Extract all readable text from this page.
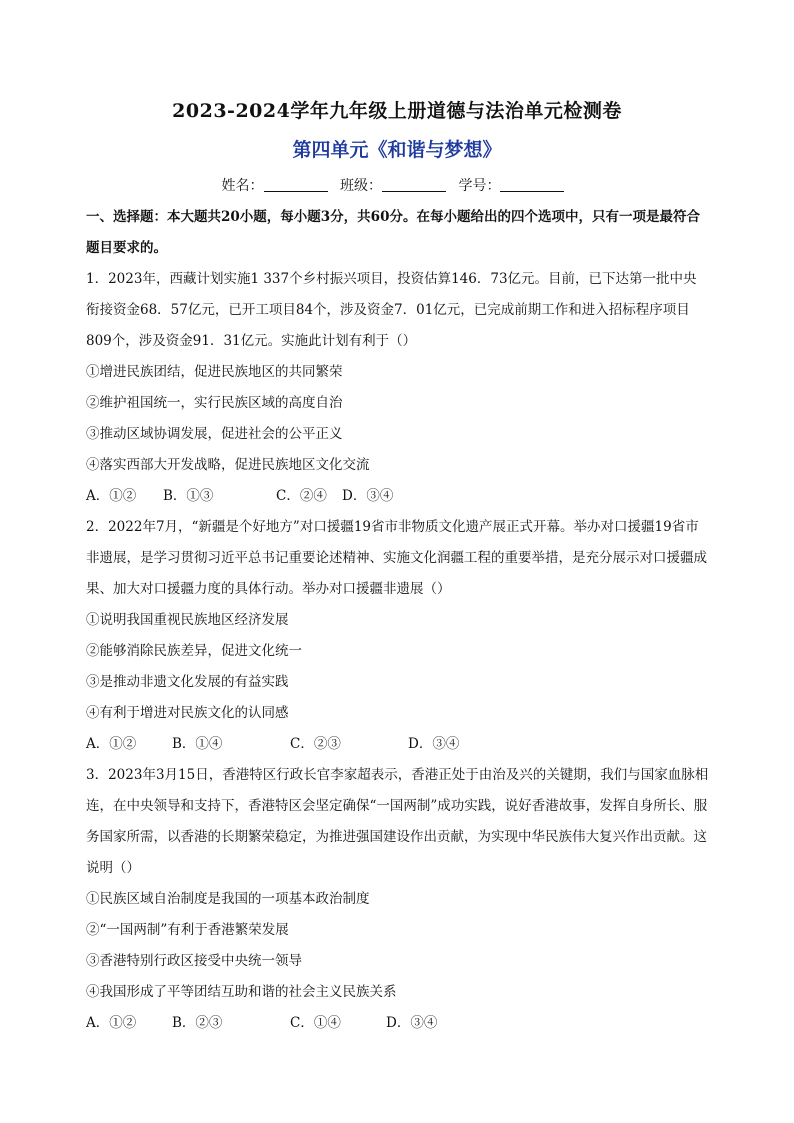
2023-2024学年九年级上册道德与法治单元检测卷
第四单元《和谐与梦想》
姓名：	班级：	学号：

一、选择题：本大题共20小题，每小题3分，共60分。在每小题给出的四个选项中，只有一项是最符合题目要求的。

1．2023年，西藏计划实施1 337个乡村振兴项目，投资估算146．73亿元。目前，已下达第一批中央衔接资金68．57亿元，已开工项目84个，涉及资金7．01亿元，已完成前期工作和进入招标程序项目809个，涉及资金91．31亿元。实施此计划有利于（）

①增进民族团结，促进民族地区的共同繁荣
②维护祖国统一，实行民族区域的高度自治
③推动区域协调发展，促进社会的公平正义
④落实西部大开发战略，促进民族地区文化交流
A．①② B．①③	C．②④ D．③④

2．2022年7月，“新疆是个好地方”对口援疆19省市非物质文化遗产展正式开幕。举办对口援疆19省市非遗展，是学习贯彻习近平总书记重要论述精神、实施文化润疆工程的重要举措，是充分展示对口援疆成果、加大对口援疆力度的具体行动。举办对口援疆非遗展（）

①说明我国重视民族地区经济发展
②能够消除民族差异，促进文化统一
③是推动非遗文化发展的有益实践
④有利于增进对民族文化的认同感
A．①②	B．①④	C．②③	D．③④

3．2023年3月15日，香港特区行政长官李家超表示，香港正处于由治及兴的关键期，我们与国家血脉相连，在中央领导和支持下，香港特区会坚定确保“一国两制”成功实践，说好香港故事，发挥自身所长、服务国家所需，以香港的长期繁荣稳定，为推进强国建设作出贡献，为实现中华民族伟大复兴作出贡献。这说明（）

①民族区域自治制度是我国的一项基本政治制度
②“一国两制”有利于香港繁荣发展
③香港特别行政区接受中央统一领导
④我国形成了平等团结互助和谐的社会主义民族关系
A．①②	B．②③	C．①④	D．③④
